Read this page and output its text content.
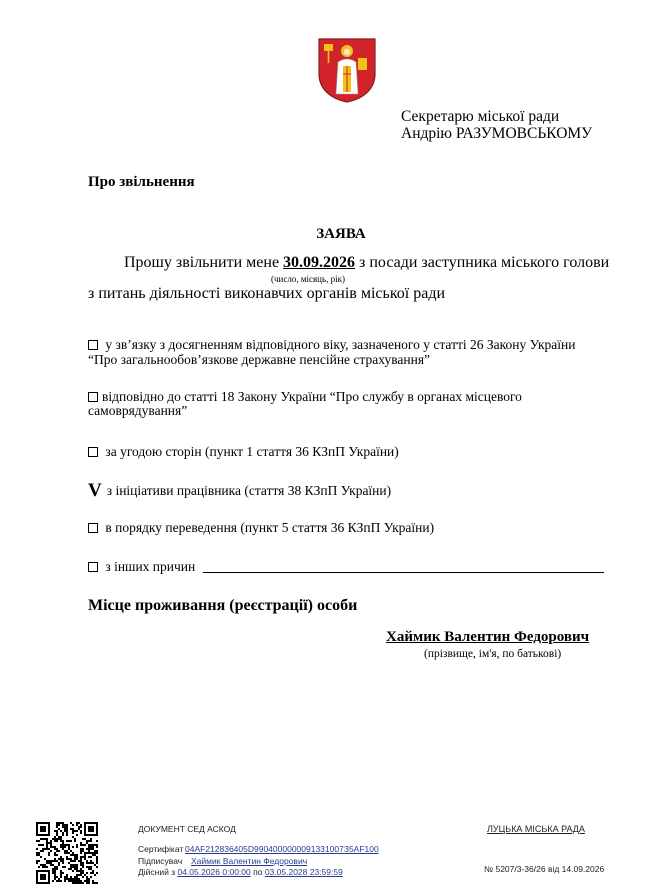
Секретарю міської ради
Андрію РАЗУМОВСЬКОМУ
Про звільнення
ЗАЯВА
Прошу звільнити мене 30.09.2026 з посади заступника міського голови
(число, місяць, рік)
з питань діяльності виконавчих органів міської ради
у зв’язку з досягненням відповідного віку, зазначеного у статті 26 Закону України
“Про загальнообов’язкове державне пенсійне страхування”
відповідно до статті 18 Закону України “Про службу в органах місцевого
самоврядування”
за угодою сторін (пункт 1 стаття 36 КЗпП України)
V з ініціативи працівника (стаття 38 КЗпП України)
в порядку переведення (пункт 5 стаття 36 КЗпП України)
з інших причин
Місце проживання (реєстрації) особи
Хаймик Валентин Федорович
(прізвище, ім'я, по батькові)
ДОКУМЕНТ СЕД АСКОД
Сертифікат 04AF212836405D9904000000091331007З5AF100
Підписувач Хаймик Валентин Федорович
Дійсний з 04.05.2026 0:00:00 по 03.05.2028 23:59:59
ЛУЦЬКА МІСЬКА РАДА
№ 5207/3-36/26 від 14.09.2026
